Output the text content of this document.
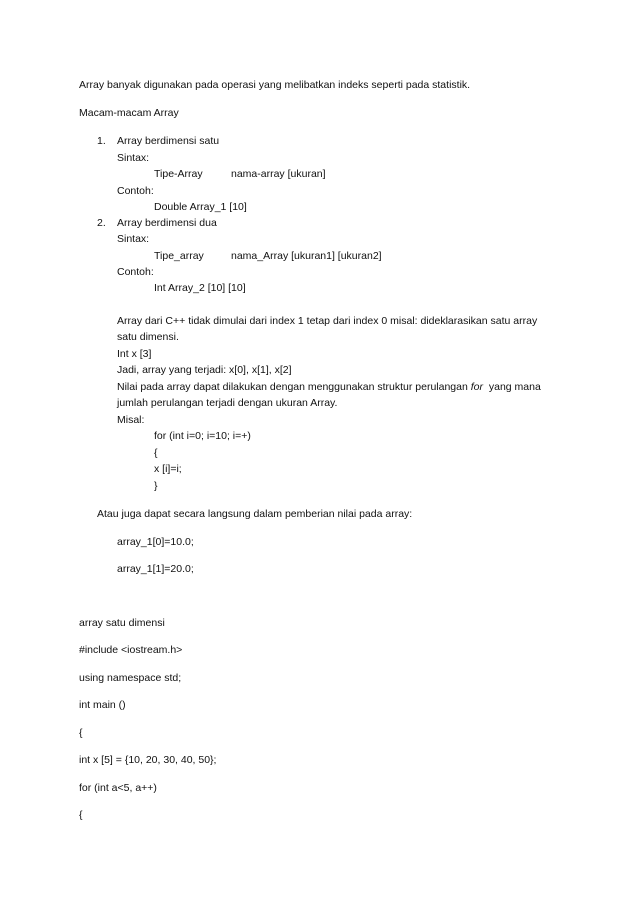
Array banyak digunakan pada operasi yang melibatkan indeks seperti pada statistik.
Macam-macam Array
1. Array berdimensi satu
Sintax:
Tipe-Array	nama-array [ukuran]
Contoh:
Double Array_1 [10]
2. Array berdimensi dua
Sintax:
Tipe_array	nama_Array [ukuran1] [ukuran2]
Contoh:
Int Array_2 [10] [10]
Array dari C++ tidak dimulai dari index 1 tetap dari index 0 misal: dideklarasikan satu array
satu dimensi.
Int x [3]
Jadi, array yang terjadi: x[0], x[1], x[2]
Nilai pada array dapat dilakukan dengan menggunakan struktur perulangan for  yang mana
jumlah perulangan terjadi dengan ukuran Array.
Misal:
for (int i=0; i=10; i=+)
{
x [i]=i;
}
Atau juga dapat secara langsung dalam pemberian nilai pada array:
array_1[0]=10.0;
array_1[1]=20.0;
array satu dimensi
#include <iostream.h>
using namespace std;
int main ()
{
int x [5] = {10, 20, 30, 40, 50};
for (int a<5, a++)
{
